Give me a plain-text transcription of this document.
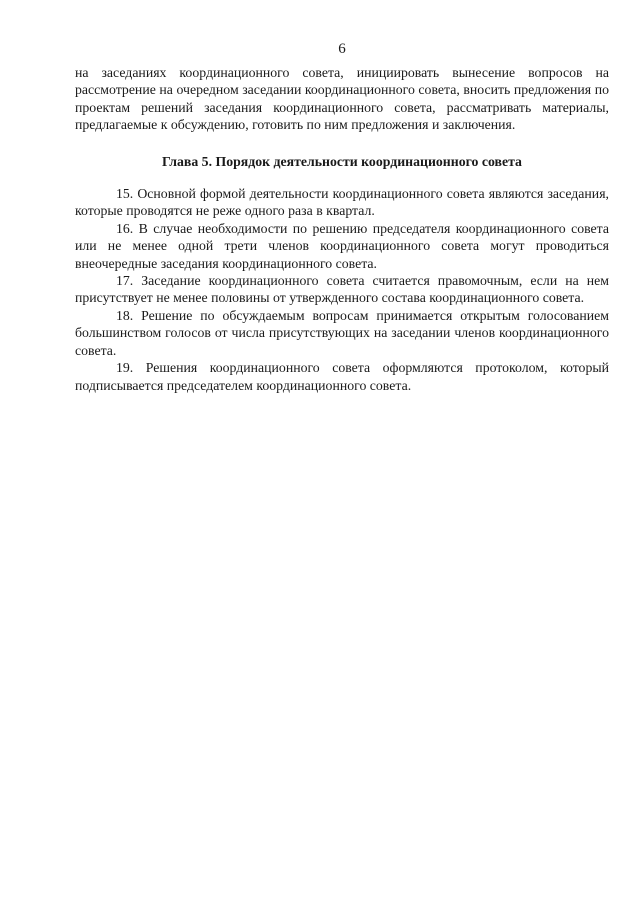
6

на заседаниях координационного совета, инициировать вынесение вопросов на рассмотрение на очередном заседании координационного совета, вносить предложения по проектам решений заседания координационного совета, рассматривать материалы, предлагаемые к обсуждению, готовить по ним предложения и заключения.

Глава 5. Порядок деятельности координационного совета

15. Основной формой деятельности координационного совета являются заседания, которые проводятся не реже одного раза в квартал.

16. В случае необходимости по решению председателя координационного совета или не менее одной трети членов координационного совета могут проводиться внеочередные заседания координационного совета.

17. Заседание координационного совета считается правомочным, если на нем присутствует не менее половины от утвержденного состава координационного совета.

18. Решение по обсуждаемым вопросам принимается открытым голосованием большинством голосов от числа присутствующих на заседании членов координационного совета.

19. Решения координационного совета оформляются протоколом, который подписывается председателем координационного совета.
